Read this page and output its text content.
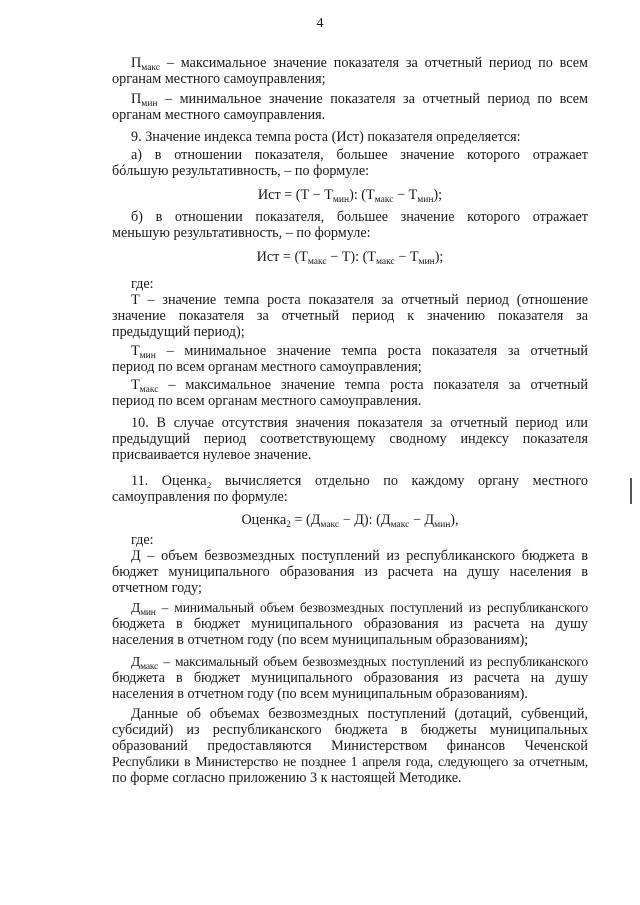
4
$П_{макс}$ – максимальное значение показателя за отчетный период по всем
органам местного самоуправления;
$П_{мин}$ – минимальное значение показателя за отчетный период по всем
органам местного самоуправления.
9. Значение индекса темпа роста (Ист) показателя определяется:
а) в отношении показателя, большее значение которого отражает
бóльшую результативность, – по формуле:
Ист = $(Т - Т_{мин})$: $(Т_{макс} - Т_{мин})$;
б) в отношении показателя, большее значение которого отражает
меньшую результативность, – по формуле:
Ист = $(Т_{макс} - Т)$: $(Т_{макс} - Т_{мин})$;
где:
Т – значение темпа роста показателя за отчетный период (отношение
значение показателя за отчетный период к значению показателя за
предыдущий период);
$Т_{мин}$ – минимальное значение темпа роста показателя за отчетный
период по всем органам местного самоуправления;
$Т_{макс}$ – максимальное значение темпа роста показателя за отчетный
период по всем органам местного самоуправления.
10. В случае отсутствия значения показателя за отчетный период или
предыдущий период соответствующему сводному индексу показателя
присваивается нулевое значение.
11. Оценка₂ вычисляется отдельно по каждому органу местного
самоуправления по формуле:
Оценка$_2$ = $(Д_{макс} - Д)$: $(Д_{макс} - Д_{мин})$,
где:
Д – объем безвозмездных поступлений из республиканского бюджета в
бюджет муниципального образования из расчета на душу населения в
отчетном году;
$Д_{мин}$ – минимальный объем безвозмездных поступлений из республиканского
бюджета в бюджет муниципального образования из расчета на душу
населения в отчетном году (по всем муниципальным образованиям);
$Д_{макс}$ – максимальный объем безвозмездных поступлений из республиканского
бюджета в бюджет муниципального образования из расчета на душу
населения в отчетном году (по всем муниципальным образованиям).
Данные об объемах безвозмездных поступлений (дотаций, субвенций,
субсидий) из республиканского бюджета в бюджеты муниципальных
образований предоставляются Министерством финансов Чеченской
Республики в Министерство не позднее 1 апреля года, следующего за отчетным,
по форме согласно приложению 3 к настоящей Методике.
